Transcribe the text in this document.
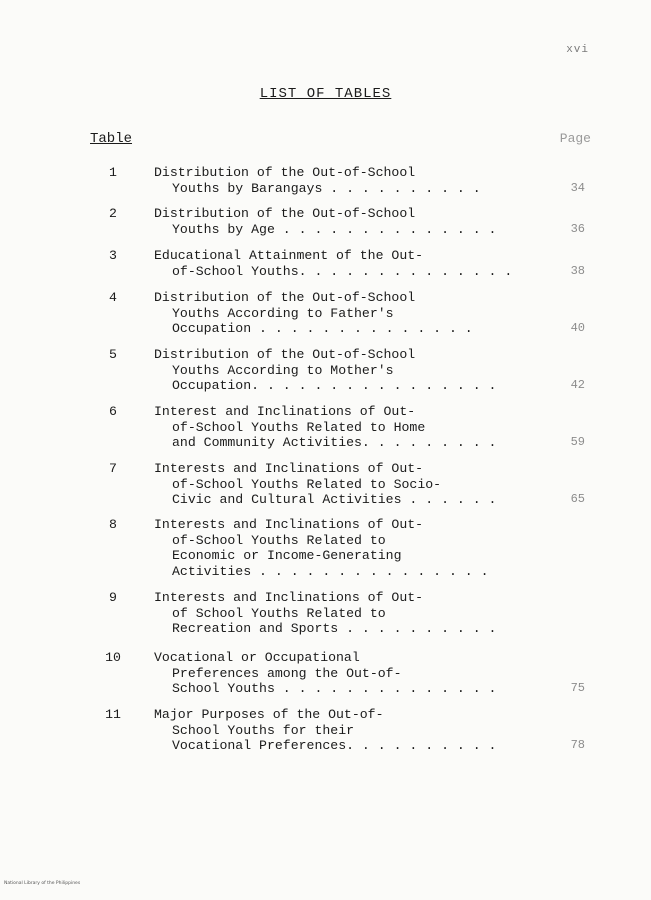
xvi
LIST OF TABLES
Table	Page
1	Distribution of the Out-of-School
Youths by Barangays . . . . . . . . . .	34
2	Distribution of the Out-of-School
Youths by Age . . . . . . . . . . . . . .	36
3	Educational Attainment of the Out-
of-School Youths. . . . . . . . . . . . . .	38
4	Distribution of the Out-of-School
Youths According to Father's
Occupation . . . . . . . . . . . . . .	40
5	Distribution of the Out-of-School
Youths According to Mother's
Occupation. . . . . . . . . . . . . . . .	42
6	Interest and Inclinations of Out-
of-School Youths Related to Home
and Community Activities. . . . . . . . .	59
7	Interests and Inclinations of Out-
of-School Youths Related to Socio-
Civic and Cultural Activities . . . . . .	65
8	Interests and Inclinations of Out-
of-School Youths Related to
Economic or Income-Generating
Activities . . . . . . . . . . . . . . .
9	Interests and Inclinations of Out-
of School Youths Related to
Recreation and Sports . . . . . . . . . .
10	Vocational or Occupational
Preferences among the Out-of-
School Youths . . . . . . . . . . . . . .	75
11	Major Purposes of the Out-of-
School Youths for their
Vocational Preferences. . . . . . . . . .	78
National Library of the Philippines
